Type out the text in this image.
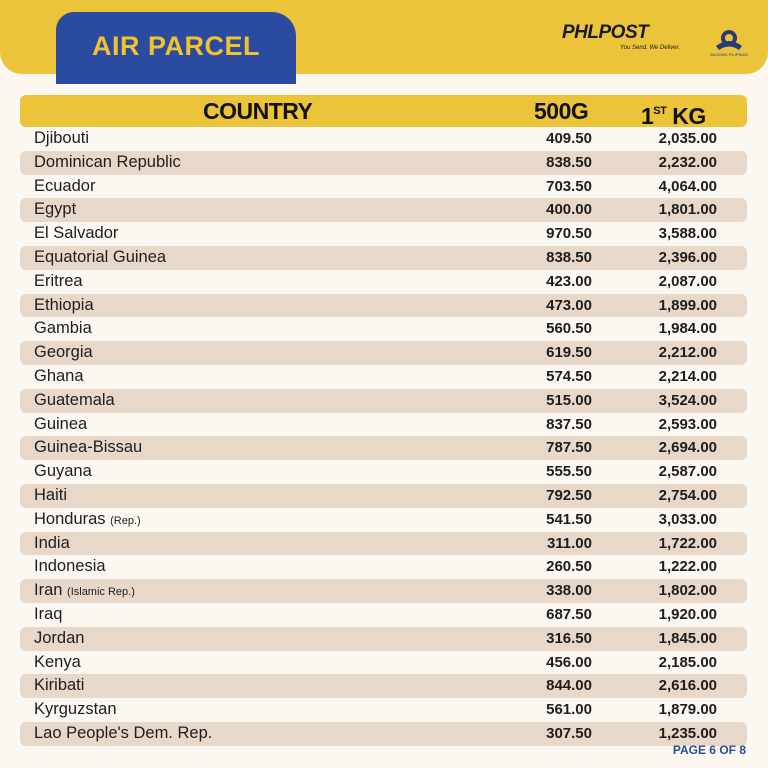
AIR PARCEL	PHLPOST
You Send. We Deliver.
BAGONG PILIPINAS
COUNTRY	500G 1ST KG
Djibouti	409.50	2,035.00
Dominican Republic	838.50	2,232.00
Ecuador	703.50	4,064.00
Egypt	400.00	1,801.00
El Salvador	970.50	3,588.00
Equatorial Guinea	838.50	2,396.00
Eritrea	423.00	2,087.00
Ethiopia	473.00	1,899.00
Gambia	560.50	1,984.00
Georgia	619.50	2,212.00
Ghana	574.50	2,214.00
Guatemala	515.00	3,524.00
Guinea	837.50	2,593.00
Guinea-Bissau	787.50	2,694.00
Guyana	555.50	2,587.00
Haiti	792.50	2,754.00
Honduras (Rep.)	541.50	3,033.00
India	311.00	1,722.00
Indonesia	260.50	1,222.00
Iran (Islamic Rep.)	338.00	1,802.00
Iraq	687.50	1,920.00
Jordan	316.50	1,845.00
Kenya	456.00	2,185.00
Kiribati	844.00	2,616.00
Kyrguzstan	561.00	1,879.00
Lao People's Dem. Rep.	307.50	1,235.00
PAGE 6 OF 8
